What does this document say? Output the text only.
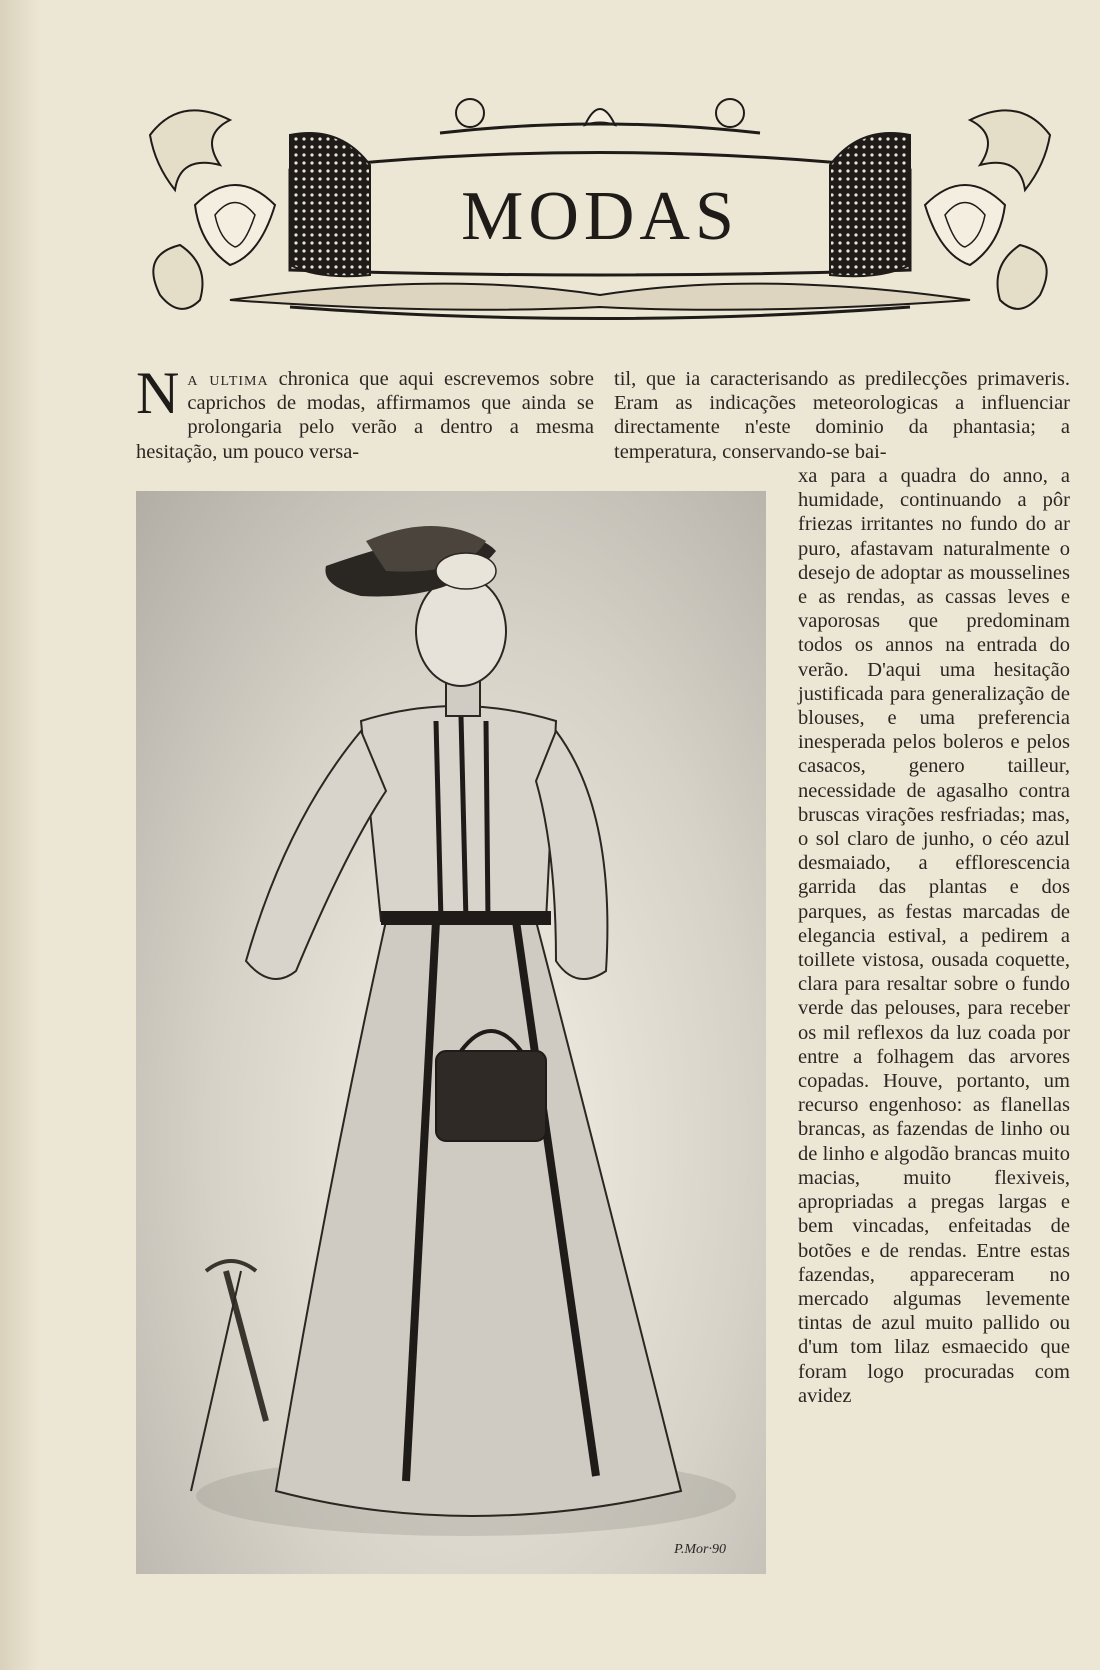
MODAS

Na ultima chronica que aqui escrevemos sobre caprichos de modas, affirmamos que ainda se prolongaria pelo verão a dentro a mesma hesitação, um pouco versa-

til, que ia caracterisando as predilecções primaveris. Eram as indicações meteorologicas a influenciar directamente n'este dominio da phantasia; a temperatura, conservando-se bai-

P.Mor·90

xa para a quadra do anno, a humidade, continuando a pôr friezas irritantes no fundo do ar puro, afastavam naturalmente o desejo de adoptar as mousselines e as rendas, as cassas leves e vaporosas que predominam todos os annos na entrada do verão. D'aqui uma hesitação justificada para generalização de blouses, e uma preferencia inesperada pelos boleros e pelos casacos, genero tailleur, necessidade de agasalho contra bruscas virações resfriadas; mas, o sol claro de junho, o céo azul desmaiado, a efflorescencia garrida das plantas e dos parques, as festas marcadas de elegancia estival, a pedirem a toillete vistosa, ousada coquette, clara para resaltar sobre o fundo verde das pelouses, para receber os mil reflexos da luz coada por entre a folhagem das arvores copadas. Houve, portanto, um recurso engenhoso: as flanellas brancas, as fazendas de linho ou de linho e algodão brancas muito macias, muito flexiveis, apropriadas a pregas largas e bem vincadas, enfeitadas de botões e de rendas. Entre estas fazendas, appareceram no mercado algumas levemente tintas de azul muito pallido ou d'um tom lilaz esmaecido que foram logo procuradas com avidez
